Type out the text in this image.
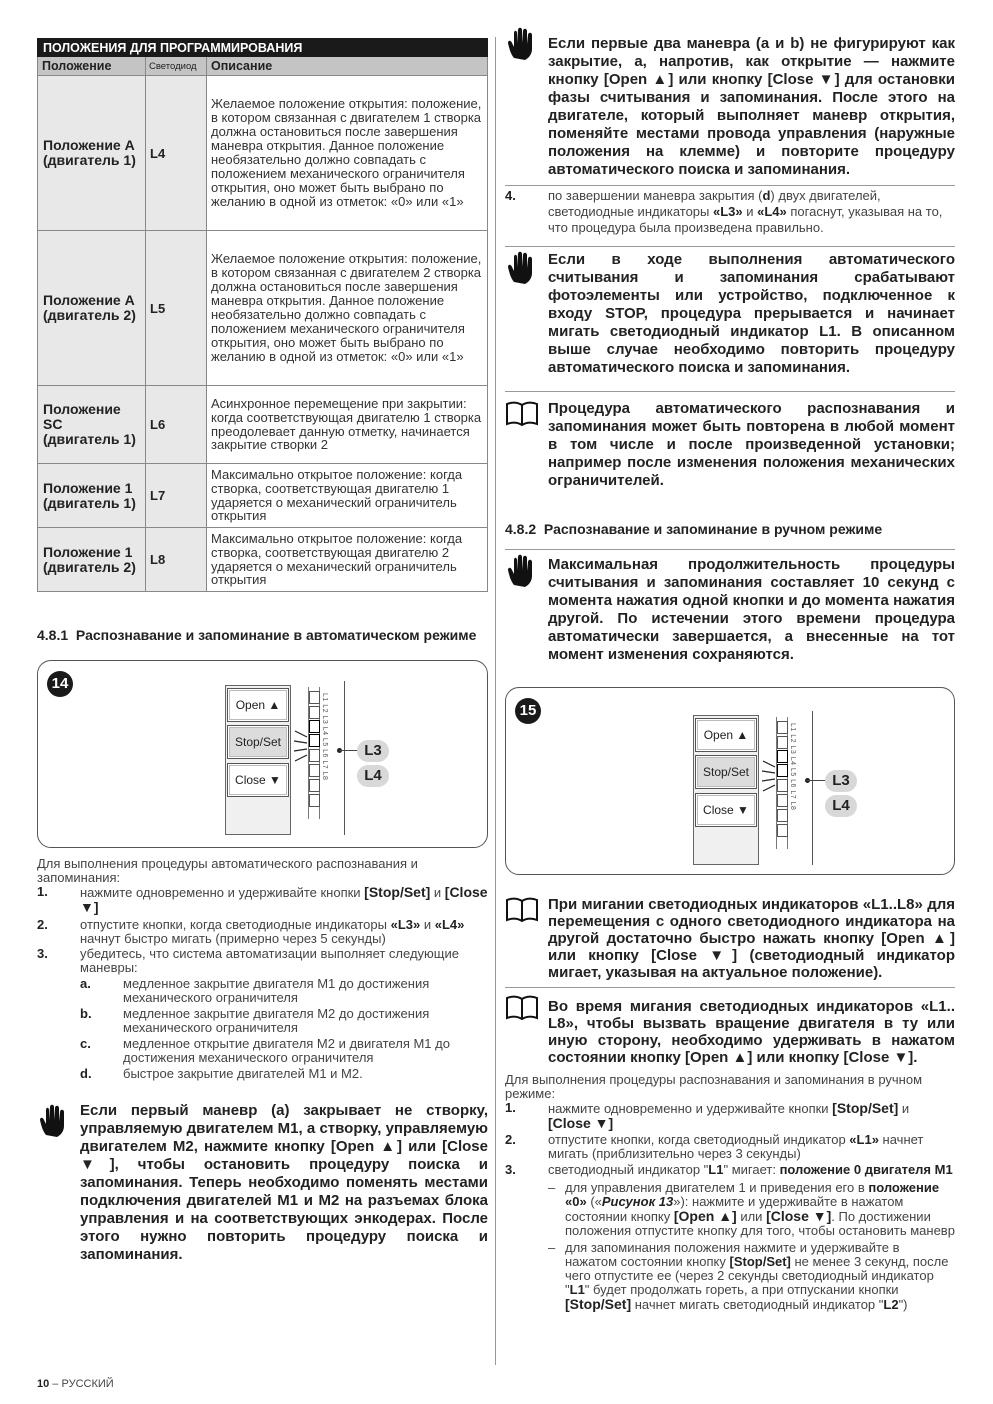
ПОЛОЖЕНИЯ ДЛЯ ПРОГРАММИРОВАНИЯ		
Положение	Светодиод	Описание
Положение A (двигатель 1)	L4	Желаемое положение открытия: положение, в котором связанная с двигателем 1 створка должна остановиться после завершения маневра открытия. Данное положение необязательно должно совпадать с положением механического ограничителя открытия, оно может быть выбрано по желанию в одной из отметок: «0» или «1»
Положение A (двигатель 2)	L5	Желаемое положение открытия: положение, в котором связанная с двигателем 2 створка должна остановиться после завершения маневра открытия. Данное положение необязательно должно совпадать с положением механического ограничителя открытия, оно может быть выбрано по желанию в одной из отметок: «0» или «1»
Положение SC (двигатель 1)	L6	Асинхронное перемещение при закрытии: когда соответствующая двигателю 1 створка преодолевает данную отметку, начинается закрытие створки 2
Положение 1 (двигатель 1)	L7	Максимально открытое положение: когда створка, соответствующая двигателю 1 ударяется о механический ограничитель открытия
Положение 1 (двигатель 2)	L8	Максимально открытое положение: когда створка, соответствующая двигателю 2 ударяется о механический ограничитель открытия
4.8.1 Распознавание и запоминание в автоматическом режиме
14
Open ▲
Stop/Set
Close ▼	L1 L2 L3 L4 L5 L6 L7 L8	L3
L4

Для выполнения процедуры автоматического распознавания и запоминания:

1. нажмите одновременно и удерживайте кнопки [Stop/Set] и [Close ▼]
2. отпустите кнопки, когда светодиодные индикаторы «L3» и «L4» начнут быстро мигать (примерно через 5 секунды)
3. убедитесь, что система автоматизации выполняет следующие маневры:
a. медленное закрытие двигателя М1 до достижения механического ограничителя
b. медленное закрытие двигателя М2 до достижения механического ограничителя
c. медленное открытие двигателя М2 и двигателя М1 до достижения механического ограничителя
d. быстрое закрытие двигателей М1 и М2.

Если первый маневр (а) закрывает не створку, управляемую двигателем М1, а створку, управляемую двигателем М2, нажмите кнопку [Open ▲] или [Close ▼], чтобы остановить процедуру поиска и запоминания. Теперь необходимо поменять местами подключения двигателей М1 и М2 на разъемах блока управления и на соответствующих энкодерах. После этого нужно повторить процедуру поиска и запоминания.

Если первые два маневра (a и b) не фигурируют как закрытие, а, напротив, как открытие — нажмите кнопку [Open ▲] или кнопку [Close ▼] для остановки фазы считывания и запоминания. После этого на двигателе, который выполняет маневр открытия, поменяйте местами провода управления (наружные положения на клемме) и повторите процедуру автоматического поиска и запоминания.

4. по завершении маневра закрытия (d) двух двигателей, светодиодные индикаторы «L3» и «L4» погаснут, указывая на то, что процедура была произведена правильно.

Если в ходе выполнения автоматического считывания и запоминания срабатывают фотоэлементы или устройство, подключенное к входу STOP, процедура прерывается и начинает мигать светодиодный индикатор L1. В описанном выше случае необходимо повторить процедуру автоматического поиска и запоминания.

Процедура автоматического распознавания и запоминания может быть повторена в любой момент в том числе и после произведенной установки; например после изменения положения механических ограничителей.

4.8.2 Распознавание и запоминание в ручном режиме

Максимальная продолжительность процедуры считывания и запоминания составляет 10 секунд с момента нажатия одной кнопки и до момента нажатия другой. По истечении этого времени процедура автоматически завершается, а внесенные на тот момент изменения сохраняются.

15
Open ▲
Stop/Set
Close ▼	L1 L2 L3 L4 L5 L6 L7 L8	L3
L4

При мигании светодиодных индикаторов «L1..L8» для перемещения с одного светодиодного индикатора на другой достаточно быстро нажать кнопку [Open ▲] или кнопку [Close ▼] (светодиодный индикатор мигает, указывая на актуальное положение).

Во время мигания светодиодных индикаторов «L1.. L8», чтобы вызвать вращение двигателя в ту или иную сторону, необходимо удерживать в нажатом состоянии кнопку [Open ▲] или кнопку [Close ▼].

Для выполнения процедуры распознавания и запоминания в ручном режиме:

1. нажмите одновременно и удерживайте кнопки [Stop/Set] и [Close ▼]
2. отпустите кнопки, когда светодиодный индикатор «L1» начнет мигать (приблизительно через 3 секунды)
3. светодиодный индикатор "L1" мигает: положение 0 двигателя М1
– для управления двигателем 1 и приведения его в положение «0» («Рисунок 13»): нажмите и удерживайте в нажатом состоянии кнопку [Open ▲] или [Close ▼]. По достижении положения отпустите кнопку для того, чтобы остановить маневр
– для запоминания положения нажмите и удерживайте в нажатом состоянии кнопку [Stop/Set] не менее 3 секунд, после чего отпустите ее (через 2 секунды светодиодный индикатор "L1" будет продолжать гореть, а при отпускании кнопки [Stop/Set] начнет мигать светодиодный индикатор "L2")
10 – РУССКИЙ
